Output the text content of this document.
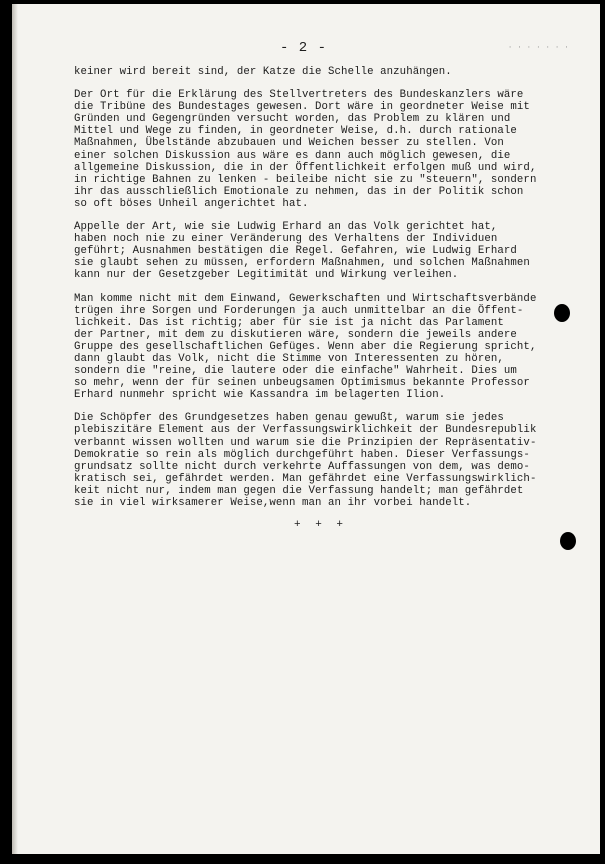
- 2 -	· · · · · · ·

keiner wird bereit sind, der Katze die Schelle anzuhängen.

Der Ort für die Erklärung des Stellvertreters des Bundeskanzlers wäre
die Tribüne des Bundestages gewesen. Dort wäre in geordneter Weise mit
Gründen und Gegengründen versucht worden, das Problem zu klären und
Mittel und Wege zu finden, in geordneter Weise, d.h. durch rationale
Maßnahmen, Übelstände abzubauen und Weichen besser zu stellen. Von
einer solchen Diskussion aus wäre es dann auch möglich gewesen, die
allgemeine Diskussion, die in der Öffentlichkeit erfolgen muß und wird,
in richtige Bahnen zu lenken - beileibe nicht sie zu "steuern", sondern
ihr das ausschließlich Emotionale zu nehmen, das in der Politik schon
so oft böses Unheil angerichtet hat.

Appelle der Art, wie sie Ludwig Erhard an das Volk gerichtet hat,
haben noch nie zu einer Veränderung des Verhaltens der Individuen
geführt; Ausnahmen bestätigen die Regel. Gefahren, wie Ludwig Erhard
sie glaubt sehen zu müssen, erfordern Maßnahmen, und solchen Maßnahmen
kann nur der Gesetzgeber Legitimität und Wirkung verleihen.

Man komme nicht mit dem Einwand, Gewerkschaften und Wirtschaftsverbände
trügen ihre Sorgen und Forderungen ja auch unmittelbar an die Öffent-
lichkeit. Das ist richtig; aber für sie ist ja nicht das Parlament
der Partner, mit dem zu diskutieren wäre, sondern die jeweils andere
Gruppe des gesellschaftlichen Gefüges. Wenn aber die Regierung spricht,
dann glaubt das Volk, nicht die Stimme von Interessenten zu hören,
sondern die "reine, die lautere oder die einfache" Wahrheit. Dies um
so mehr, wenn der für seinen unbeugsamen Optimismus bekannte Professor
Erhard nunmehr spricht wie Kassandra im belagerten Ilion.

Die Schöpfer des Grundgesetzes haben genau gewußt, warum sie jedes
plebiszitäre Element aus der Verfassungswirklichkeit der Bundesrepublik
verbannt wissen wollten und warum sie die Prinzipien der Repräsentativ-
Demokratie so rein als möglich durchgeführt haben. Dieser Verfassungs-
grundsatz sollte nicht durch verkehrte Auffassungen von dem, was demo-
kratisch sei, gefährdet werden. Man gefährdet eine Verfassungswirklich-
keit nicht nur, indem man gegen die Verfassung handelt; man gefährdet
sie in viel wirksamerer Weise,wenn man an ihr vorbei handelt.

+ + +
